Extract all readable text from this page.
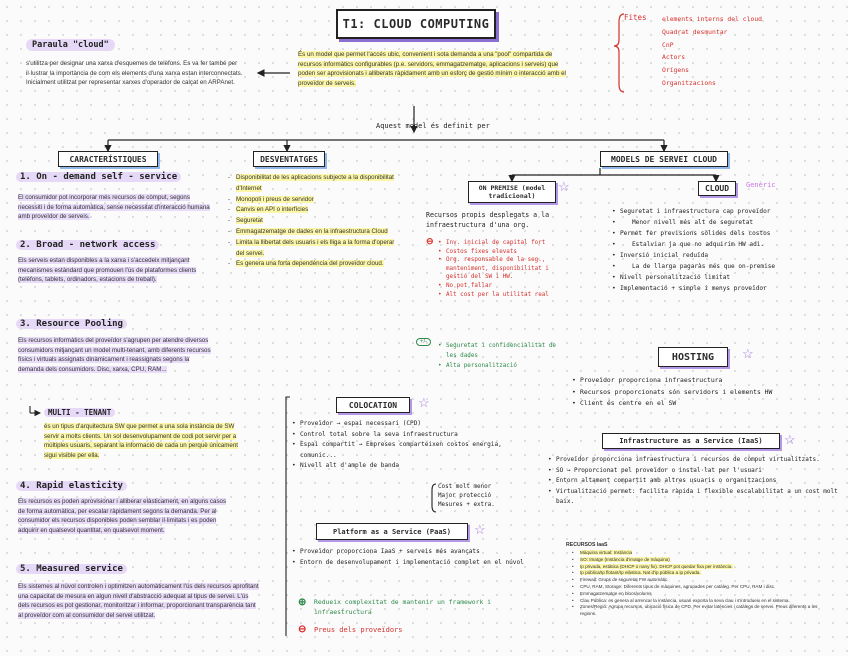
T1: CLOUD COMPUTING
Paraula "cloud"
s'utilitza per designar una xarxa d'esquemes de telèfons. Es va fer també per il·lustrar la importància de com els elements d'una xarxa estan interconnectats. Inicialment utilitzat per representar xarxes d'operador de calçat en ARPAnet.
És un model que permet l'accés ubic, convenient i sota demanda a una "pool" compartida de recursos informàtics configurables (p.e. servidors, emmagatzematge, aplicacions i serveis) que poden ser aprovisionats i alliberats ràpidament amb un esforç de gestió mínim o interacció amb el proveïdor de serveis.
Fites elements interns del cloud
Quadrat desmuntar
CnP
Actors
Orígens
Organitzacions
Aquest model és definit per
CARACTERÍSTIQUES	DESVENTATGES	MODELS DE SERVEI CLOUD
1. On - demand self - service
El consumidor pot incorporar més recursos de còmput, segons necessiti i de forma automàtica, sense necessitat d'interacció humana amb proveïdor de serveis.
2. Broad - network access
Els serveis estan disponibles a la xarxa i s'accedeix mitjançant mecanismes estàndard que promouen l'ús de plataformes clients (telèfons, tablets, ordinadors, estacions de treball).
3. Resource Pooling
Els recursos informàtics del proveïdor s'agrupen per atendre diversos consumidors mitjançant un model multi-tenant, amb diferents recursos físics i virtuals assignats dinàmicament i reassignats segons la demanda dels consumidors. Disc, xarxa, CPU, RAM...
MULTI - TENANT
és un tipus d'arquitectura SW que permet a una sola instància de SW servir a molts clients. Un sol desenvolupament de codi pot servir per a múltiples usuaris, separant la informació de cada un perquè únicament sigui visible per ella.
4. Rapid elasticity
Els recursos es poden aprovisionar i alliberar elàsticament, en alguns casos de forma automàtica, per escalar ràpidament segons la demanda. Per al consumidor els recursos disponibles poden semblar il·limitats i es poden adquirir en qualsevol quantitat, en qualsevol moment.
5. Measured service
Els sistemes al núvol controlen i optimitzen automàticament l'ús dels recursos aprofitant una capacitat de mesura en algun nivell d'abstracció adequat al tipus de servei. L'ús dels recursos es pot gestionar, monitoritzar i informar, proporcionant transparència tant al proveïdor com al consumidor del servei utilitzat.
- Disponibilitat de les aplicacions subjecte a la disponibilitat d'Internet
- Monopoli i preus de servidor
- Canvis en API o interfícies
- Seguretat
- Emmagatzematge de dades en la infraestructura Cloud
- Limita la llibertat dels usuaris i els lliga a la forma d'operar del servei.
- Es genera una forta dependència del proveïdor cloud.
ON PREMISE (model tradicional)
☆
Recursos propis desplegats a la infraestructura d'una org.
⊖
•	Inv. inicial de capital fort
• Costos fixes elevats
• Org. responsable de la seg., manteniment, disponibilitat i gestió del SW i HW.
• No pot fallar
• Alt cost per la utilitat real
+/-
• Seguretat i confidencialitat de les dades
• Alta personalització
CLOUD	Genèric
• Seguretat i infraestructura cap proveïdor
• Menor nivell més alt de seguretat
• Permet fer previsions sòlides dels costos
• Estalviar ja que no adquirim HW adi.
• Inversió inicial reduïda
• La de llarga pagaràs més que on-premise
• Nivell personalització limitat
• Implementació + simple i menys proveïdor
HOSTING	☆
• Proveïdor proporciona infraestructura
• Recursos proporcionats són servidors i elements HW
• Client és centre en el SW
COLOCATION	☆
• Proveïdor → espai necessari (CPD)
• Control total sobre la seva infraestructura
• Espai compartit → Empreses comparteixen costos energia, comunic...
• Nivell alt d'ample de banda
Cost molt menor
Major protecció
Mesures + extra.
Infrastructure as a Service (IaaS)	☆
• Proveïdor proporciona infraestructura i recursos de còmput virtualitzats.
• SO → Proporcionat pel proveïdor o instal·lat per l'usuari
• Entorn altament compartit amb altres usuaris o organitzacions
• Virtualització permet: facilita ràpida i flexible escalabilitat a un cost molt baix.
RECURSOS IaaS
• Màquina virtual: Instància
• SO: Imatge (Instància d'imatge de màquina)
• Ip privada, estàtica (DHCP o nany fix). DHCP pot quedar fixa per instància.
• Ip pública/Ip flotant/Ip elàstica. Nat d'ip pública a ip privada.
• Firewall: Grups de seguretat FW automàtic.
• CPU, RAM, Storage: Diferents tipus de màquines, agrupades per catàleg. Per CPU, RAM i disc.
• Emmagatzematge en blocs/volums
• Clau Pública: es genera al arrencar la instància. usuari exporta la seva clau i s'introdueix en el sistema.
• Zones/Regió: Agrupa recursos, ubicació física de CPD. Per evitar latències i catàlegs de servei. Preus diferents a les regions.
Platform as a Service (PaaS)	☆
• Proveïdor proporciona IaaS + serveis més avançats
• Entorn de desenvolupament i implementació complet en el núvol
⊕ Redueix complexitat de mantenir un framework i infraestructura
⊖ Preus dels proveïdors
